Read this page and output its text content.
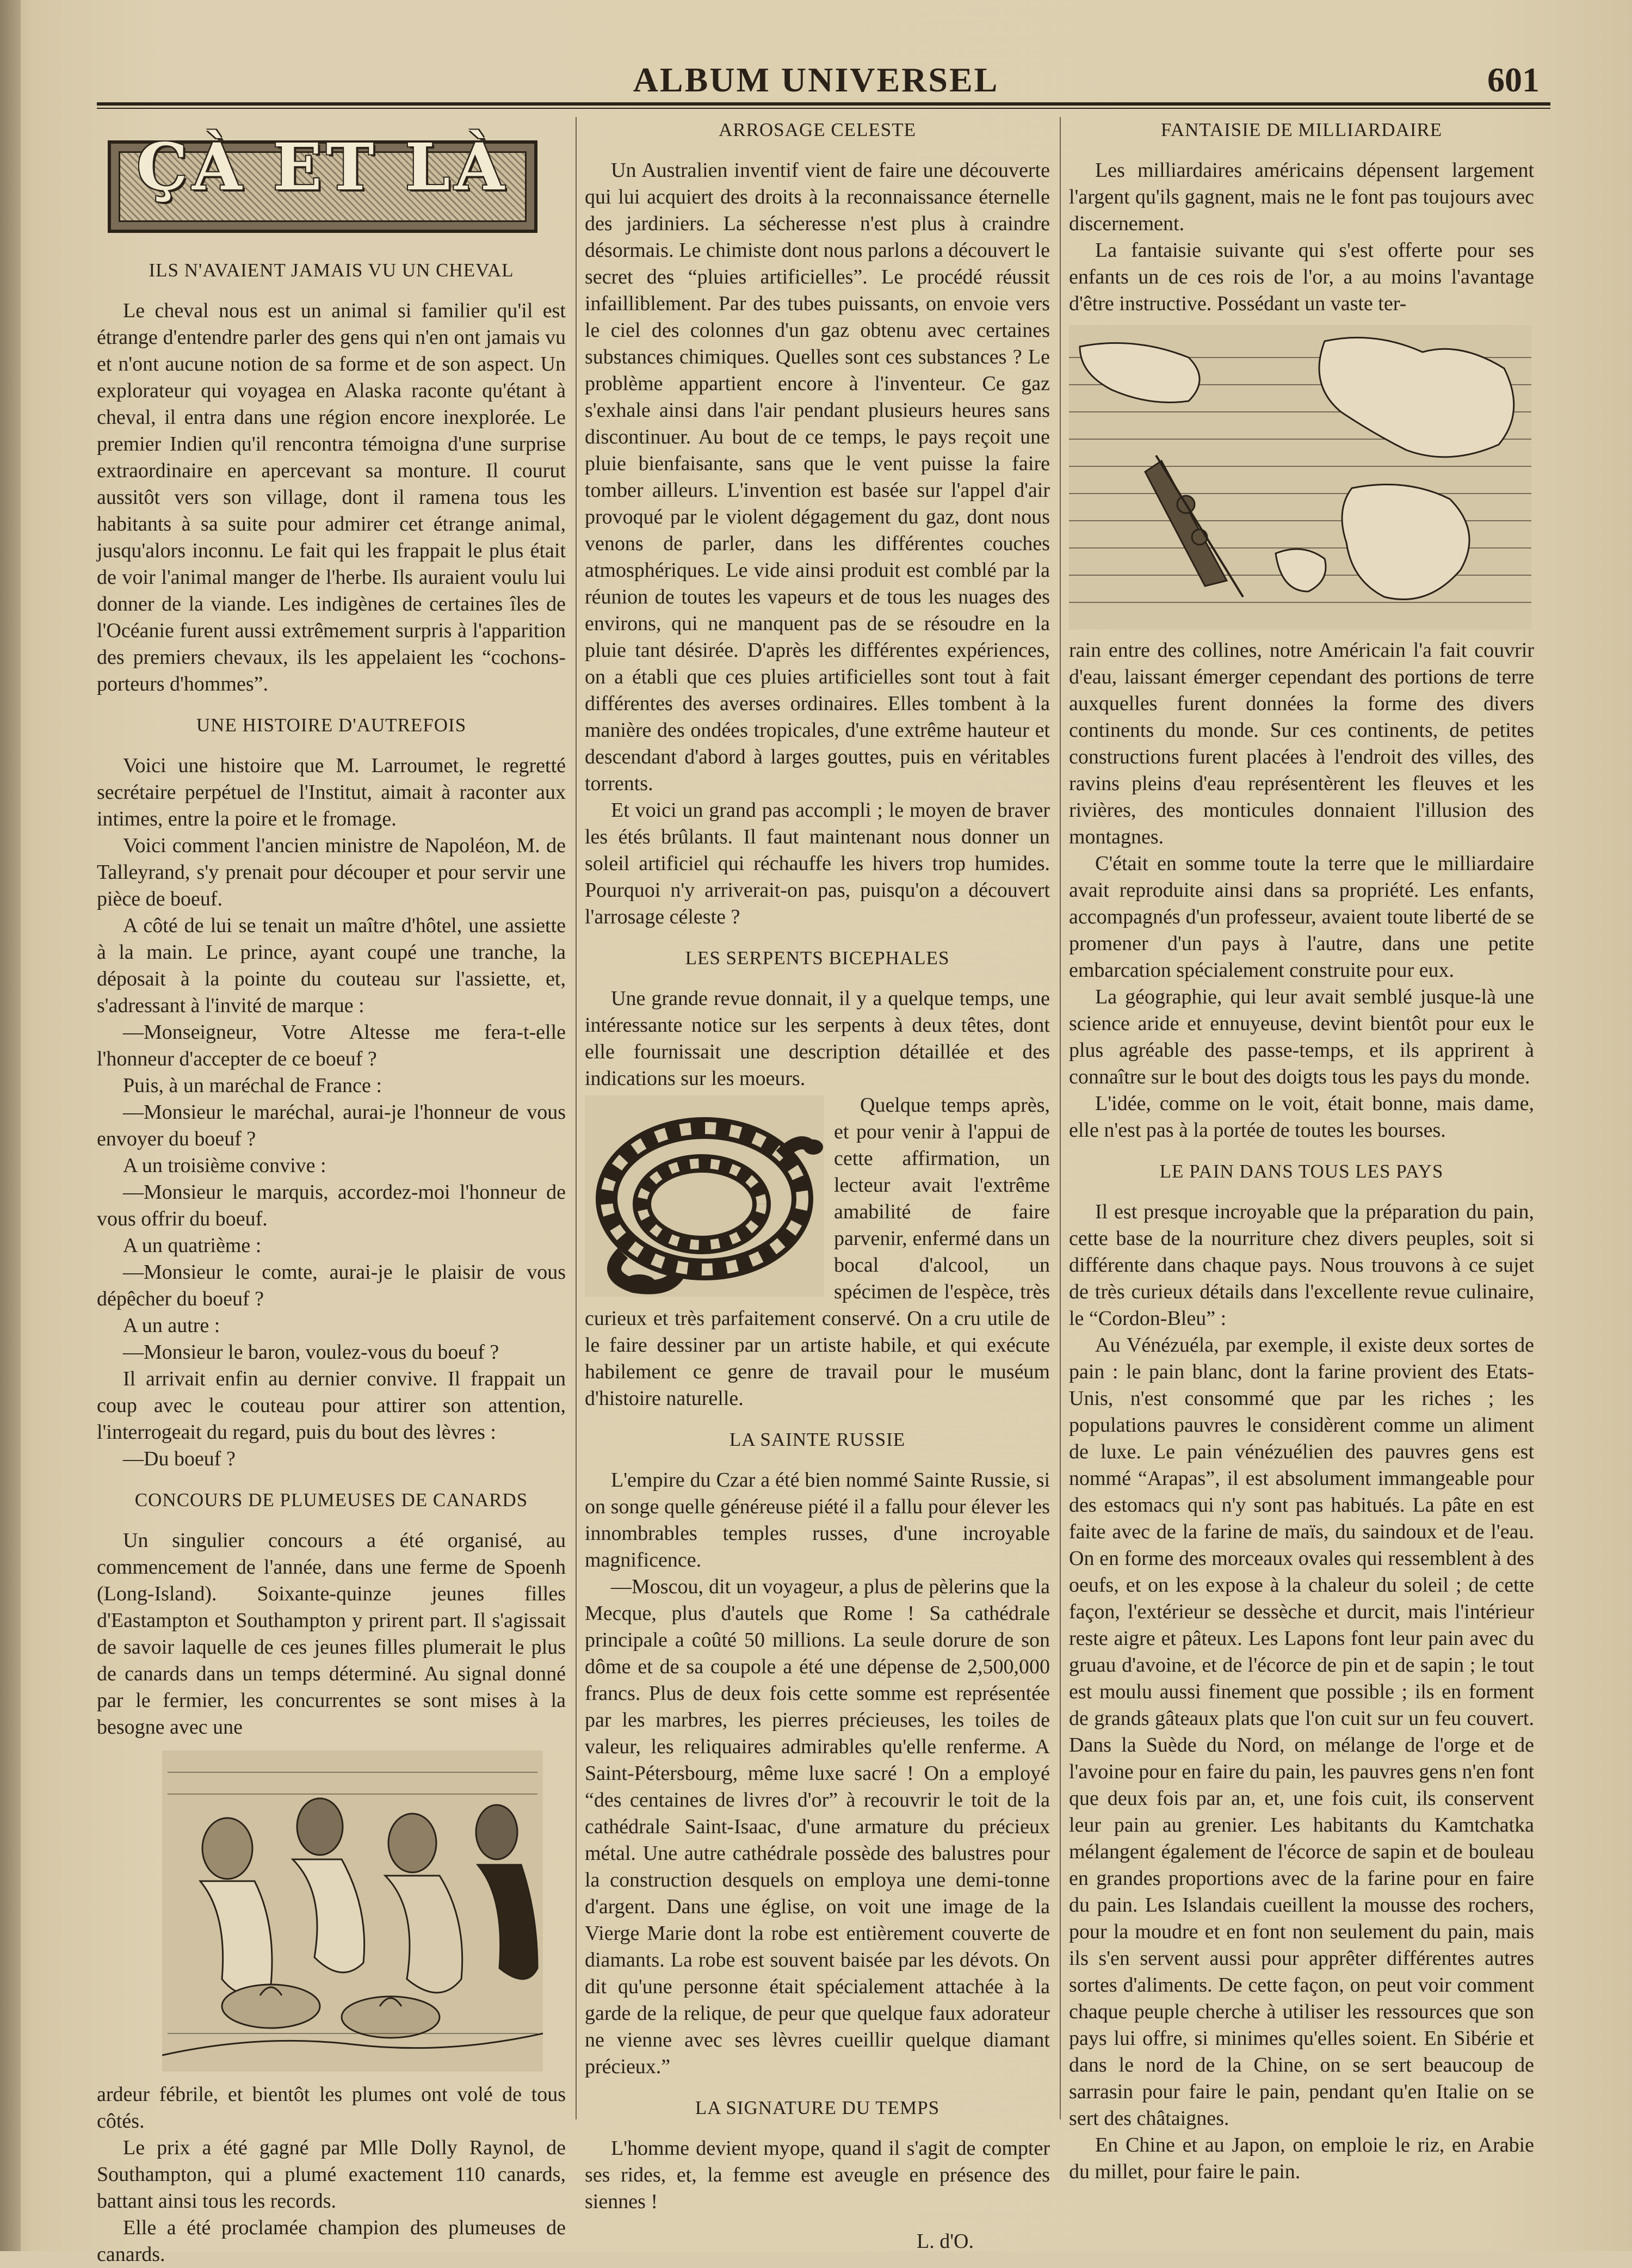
ALBUM UNIVERSEL	601
ÇÀ ET LÀ
ILS N'AVAIENT JAMAIS VU UN CHEVAL

Le cheval nous est un animal si familier qu'il est étrange d'entendre parler des gens qui n'en ont jamais vu et n'ont aucune notion de sa forme et de son aspect. Un explorateur qui voyagea en Alaska raconte qu'étant à cheval, il entra dans une région encore inexplorée. Le premier Indien qu'il rencontra témoigna d'une surprise extraordinaire en apercevant sa monture. Il courut aussitôt vers son village, dont il ramena tous les habitants à sa suite pour admirer cet étrange animal, jusqu'alors inconnu. Le fait qui les frappait le plus était de voir l'animal manger de l'herbe. Ils auraient voulu lui donner de la viande. Les indigènes de certaines îles de l'Océanie furent aussi extrêmement surpris à l'apparition des premiers chevaux, ils les appelaient les “cochons-porteurs d'hommes”.

UNE HISTOIRE D'AUTREFOIS

Voici une histoire que M. Larroumet, le regretté secrétaire perpétuel de l'Institut, aimait à raconter aux intimes, entre la poire et le fromage.

Voici comment l'ancien ministre de Napoléon, M. de Talleyrand, s'y prenait pour découper et pour servir une pièce de boeuf.

A côté de lui se tenait un maître d'hôtel, une assiette à la main. Le prince, ayant coupé une tranche, la déposait à la pointe du couteau sur l'assiette, et, s'adressant à l'invité de marque :

—Monseigneur, Votre Altesse me fera-t-elle l'honneur d'accepter de ce boeuf ?

Puis, à un maréchal de France :

—Monsieur le maréchal, aurai-je l'honneur de vous envoyer du boeuf ?

A un troisième convive :

—Monsieur le marquis, accordez-moi l'honneur de vous offrir du boeuf.

A un quatrième :

—Monsieur le comte, aurai-je le plaisir de vous dépêcher du boeuf ?

A un autre :

—Monsieur le baron, voulez-vous du boeuf ?

Il arrivait enfin au dernier convive. Il frappait un coup avec le couteau pour attirer son attention, l'interrogeait du regard, puis du bout des lèvres :

—Du boeuf ?

CONCOURS DE PLUMEUSES DE CANARDS

Un singulier concours a été organisé, au commencement de l'année, dans une ferme de Spoenh (Long-Island). Soixante-quinze jeunes filles d'Eastampton et Southampton y prirent part. Il s'agissait de savoir laquelle de ces jeunes filles plumerait le plus de canards dans un temps déterminé. Au signal donné par le fermier, les concurrentes se sont mises à la besogne avec une

ardeur fébrile, et bientôt les plumes ont volé de tous côtés.

Le prix a été gagné par Mlle Dolly Raynol, de Southampton, qui a plumé exactement 110 canards, battant ainsi tous les records.

Elle a été proclamée champion des plumeuses de canards.

ARROSAGE CELESTE

Un Australien inventif vient de faire une découverte qui lui acquiert des droits à la reconnaissance éternelle des jardiniers. La sécheresse n'est plus à craindre désormais. Le chimiste dont nous parlons a découvert le secret des “pluies artificielles”. Le procédé réussit infailliblement. Par des tubes puissants, on envoie vers le ciel des colonnes d'un gaz obtenu avec certaines substances chimiques. Quelles sont ces substances ? Le problème appartient encore à l'inventeur. Ce gaz s'exhale ainsi dans l'air pendant plusieurs heures sans discontinuer. Au bout de ce temps, le pays reçoit une pluie bienfaisante, sans que le vent puisse la faire tomber ailleurs. L'invention est basée sur l'appel d'air provoqué par le violent dégagement du gaz, dont nous venons de parler, dans les différentes couches atmosphériques. Le vide ainsi produit est comblé par la réunion de toutes les vapeurs et de tous les nuages des environs, qui ne manquent pas de se résoudre en la pluie tant désirée. D'après les différentes expériences, on a établi que ces pluies artificielles sont tout à fait différentes des averses ordinaires. Elles tombent à la manière des ondées tropicales, d'une extrême hauteur et descendant d'abord à larges gouttes, puis en véritables torrents.

Et voici un grand pas accompli ; le moyen de braver les étés brûlants. Il faut maintenant nous donner un soleil artificiel qui réchauffe les hivers trop humides. Pourquoi n'y arriverait-on pas, puisqu'on a découvert l'arrosage céleste ?

LES SERPENTS BICEPHALES

Une grande revue donnait, il y a quelque temps, une intéressante notice sur les serpents à deux têtes, dont elle fournissait une description détaillée et des indications sur les moeurs.

Quelque temps après, et pour venir à l'appui de cette affirmation, un lecteur avait l'extrême amabilité de faire parvenir, enfermé dans un bocal d'alcool, un spécimen de l'espèce, très curieux et très parfaitement conservé. On a cru utile de le faire dessiner par un artiste habile, et qui exécute habilement ce genre de travail pour le muséum d'histoire naturelle.

LA SAINTE RUSSIE

L'empire du Czar a été bien nommé Sainte Russie, si on songe quelle généreuse piété il a fallu pour élever les innombrables temples russes, d'une incroyable magnificence.

—Moscou, dit un voyageur, a plus de pèlerins que la Mecque, plus d'autels que Rome ! Sa cathédrale principale a coûté 50 millions. La seule dorure de son dôme et de sa coupole a été une dépense de 2,500,000 francs. Plus de deux fois cette somme est représentée par les marbres, les pierres précieuses, les toiles de valeur, les reliquaires admirables qu'elle renferme. A Saint-Pétersbourg, même luxe sacré ! On a employé “des centaines de livres d'or” à recouvrir le toit de la cathédrale Saint-Isaac, d'une armature du précieux métal. Une autre cathédrale possède des balustres pour la construction desquels on employa une demi-tonne d'argent. Dans une église, on voit une image de la Vierge Marie dont la robe est entièrement couverte de diamants. La robe est souvent baisée par les dévots. On dit qu'une personne était spécialement attachée à la garde de la relique, de peur que quelque faux adorateur ne vienne avec ses lèvres cueillir quelque diamant précieux.”

LA SIGNATURE DU TEMPS

L'homme devient myope, quand il s'agit de compter ses rides, et, la femme est aveugle en présence des siennes !

L. d'O.
FANTAISIE DE MILLIARDAIRE

Les milliardaires américains dépensent largement l'argent qu'ils gagnent, mais ne le font pas toujours avec discernement.

La fantaisie suivante qui s'est offerte pour ses enfants un de ces rois de l'or, a au moins l'avantage d'être instructive. Possédant un vaste ter-

rain entre des collines, notre Américain l'a fait couvrir d'eau, laissant émerger cependant des portions de terre auxquelles furent données la forme des divers continents du monde. Sur ces continents, de petites constructions furent placées à l'endroit des villes, des ravins pleins d'eau représentèrent les fleuves et les rivières, des monticules donnaient l'illusion des montagnes.

C'était en somme toute la terre que le milliardaire avait reproduite ainsi dans sa propriété. Les enfants, accompagnés d'un professeur, avaient toute liberté de se promener d'un pays à l'autre, dans une petite embarcation spécialement construite pour eux.

La géographie, qui leur avait semblé jusque-là une science aride et ennuyeuse, devint bientôt pour eux le plus agréable des passe-temps, et ils apprirent à connaître sur le bout des doigts tous les pays du monde.

L'idée, comme on le voit, était bonne, mais dame, elle n'est pas à la portée de toutes les bourses.

LE PAIN DANS TOUS LES PAYS

Il est presque incroyable que la préparation du pain, cette base de la nourriture chez divers peuples, soit si différente dans chaque pays. Nous trouvons à ce sujet de très curieux détails dans l'excellente revue culinaire, le “Cordon-Bleu” :

Au Vénézuéla, par exemple, il existe deux sortes de pain : le pain blanc, dont la farine provient des Etats-Unis, n'est consommé que par les riches ; les populations pauvres le considèrent comme un aliment de luxe. Le pain vénézuélien des pauvres gens est nommé “Arapas”, il est absolument immangeable pour des estomacs qui n'y sont pas habitués. La pâte en est faite avec de la farine de maïs, du saindoux et de l'eau. On en forme des morceaux ovales qui ressemblent à des oeufs, et on les expose à la chaleur du soleil ; de cette façon, l'extérieur se dessèche et durcit, mais l'intérieur reste aigre et pâteux. Les Lapons font leur pain avec du gruau d'avoine, et de l'écorce de pin et de sapin ; le tout est moulu aussi finement que possible ; ils en forment de grands gâteaux plats que l'on cuit sur un feu couvert. Dans la Suède du Nord, on mélange de l'orge et de l'avoine pour en faire du pain, les pauvres gens n'en font que deux fois par an, et, une fois cuit, ils conservent leur pain au grenier. Les habitants du Kamtchatka mélangent également de l'écorce de sapin et de bouleau en grandes proportions avec de la farine pour en faire du pain. Les Islandais cueillent la mousse des rochers, pour la moudre et en font non seulement du pain, mais ils s'en servent aussi pour apprêter différentes autres sortes d'aliments. De cette façon, on peut voir comment chaque peuple cherche à utiliser les ressources que son pays lui offre, si minimes qu'elles soient. En Sibérie et dans le nord de la Chine, on se sert beaucoup de sarrasin pour faire le pain, pendant qu'en Italie on se sert des châtaignes.

En Chine et au Japon, on emploie le riz, en Arabie du millet, pour faire le pain.
